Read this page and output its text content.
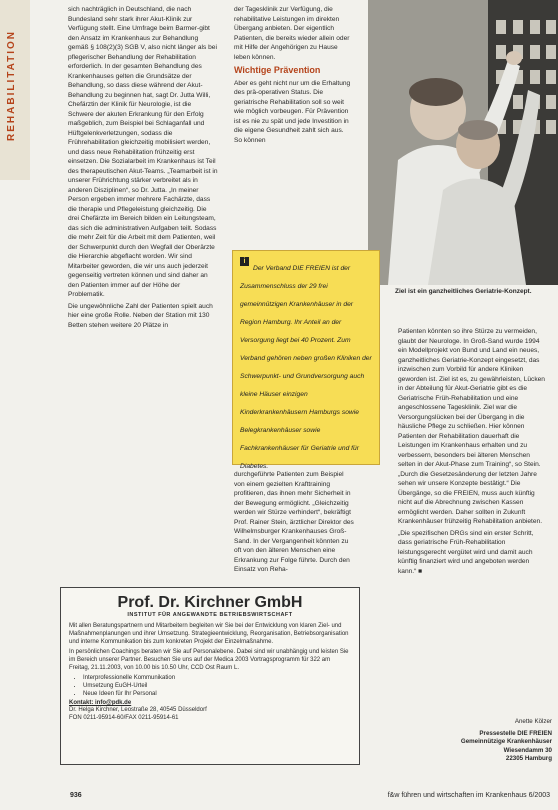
REHABILITATION

sich nachträglich in Deutschland, die nach Bundesland sehr stark ihrer Akut-Klinik zur Verfügung stellt. Eine Umfrage beim Barmer-gibt den Ansatz im Krankenhaus zur Behandlung gemäß § 108(2)(3) SGB V, also nicht länger als bei pflegerischer Behandlung der Rehabilitation erforderlich. In der gesamten Behandlung des Krankenhauses gelten die Grundsätze der Behandlung, so dass diese während der Akut-Behandlung zu beginnen hat, sagt Dr. Jutta Willi, Chefärztin der Klinik für Neurologie, ist die Schwere der akuten Erkrankung für den Erfolg maßgeblich, zum Beispiel bei Schlaganfall und Hüftgelenkverletzungen, sodass die Frührehabilitation gleichzeitig mobilisiert werden, und dass neue Rehabilitation frühzeitig erst einsetzen. Die Sozialarbeit im Krankenhaus ist Teil des therapeutischen Akut-Teams. „Teamarbeit ist in unserer Frührichtung stärker verbreitet als in anderen Disziplinen“, so Dr. Jutta. „In meiner Person ergeben immer mehrere Fachärzte, dass die therapie und Pflegeleistung gleichzeitig. Die drei Chefärzte im Bereich bilden ein Leitungsteam, das sich die administrativen Aufgaben teilt. Sodass die mehr Zeit für die Arbeit mit dem Patienten, weil der Schwerpunkt durch den Wegfall der Oberärzte die Hierarchie abgeflacht worden. Wir sind Mitarbeiter geworden, die wir uns auch jederzeit gegenseitig vertreten können und sind daher an den Patienten immer auf der Höhe der Problematik.

Die ungewöhnliche Zahl der Patienten spielt auch hier eine große Rolle. Neben der Station mit 130 Betten stehen weitere 20 Plätze in

der Tagesklinik zur Verfügung, die rehabilitative Leistungen im direkten Übergang anbieten. Der eigentlich Patienten, die bereits wieder allein oder mit Hilfe der Angehörigen zu Hause leben können.

Wichtige Prävention

Aber es geht nicht nur um die Erhaltung des prä-operativen Status. Die geriatrische Rehabilitation soll so weit wie möglich vorbeugen. Für Prävention ist es nie zu spät und jede Investition in die eigene Gesundheit zahlt sich aus. So können

Ziel ist ein ganzheitliches Geriatrie-Konzept.
iDer Verband DIE FREIEN ist der Zusammenschluss der 29 frei gemeinnützigen Krankenhäuser in der Region Hamburg. Ihr Anteil an der Versorgung liegt bei 40 Prozent. Zum Verband gehören neben großen Kliniken der Schwerpunkt- und Grundversorgung auch kleine Häuser einzigen Kinderkrankenhäusern Hamburgs sowie Belegkrankenhäuser sowie Fachkrankenhäuser für Geriatrie und für Diabetes.

durchgeführte Patienten zum Beispiel von einem gezielten Krafttraining profitieren, das ihnen mehr Sicherheit in der Bewegung ermöglicht. „Gleichzeitig werden wir Stürze verhindert“, bekräftigt Prof. Rainer Stein, ärztlicher Direktor des Wilhelmsburger Krankenhauses Groß-Sand. In der Vergangenheit könnten zu oft von den älteren Menschen eine Erkrankung zur Folge führte. Durch den Einsatz von Reha-

Patienten könnten so ihre Stürze zu vermeiden, glaubt der Neurologe. In Groß-Sand wurde 1994 ein Modellprojekt von Bund und Land ein neues, ganzheitliches Geriatrie-Konzept eingesetzt, das inzwischen zum Vorbild für andere Kliniken geworden ist. Ziel ist es, zu gewährleisten, Lücken in der Abteilung für Akut-Geriatrie gibt es die Geriatrische Früh-Rehabilitation und eine angeschlossene Tagesklinik. Ziel war die Versorgungslücken bei der Übergang in die häusliche Pflege zu schließen. Hier können Patienten der Rehabilitation dauerhaft die Leistungen im Krankenhaus erhalten und zu verbessern, besonders bei älteren Menschen selten in der Akut-Phase zum Training“, so Stein. „Durch die Gesetzesänderung der letzten Jahre sehen wir unsere Konzepte bestätigt.“ Die Übergänge, so die FREIEN, muss auch künftig nicht auf die Abrechnung zwischen Kassen ermöglicht werden. Daher sollten in Zukunft Krankenhäuser frühzeitig Rehabilitation anbieten.

„Die spezifischen DRGs sind ein erster Schritt, dass geriatrische Früh-Rehabilitation leistungsgerecht vergütet wird und damit auch künftig finanziert wird und angeboten werden kann.“ ■

Prof. Dr. Kirchner GmbH
INSTITUT FÜR ANGEWANDTE BETRIEBSWIRTSCHAFT

Mit allen Beratungspartnern und Mitarbeitern begleiten wir Sie bei der Entwicklung von klaren Ziel- und Maßnahmenplanungen und ihrer Umsetzung. Strategieentwicklung, Reorganisation, Betriebsorganisation und interne Kommunikation bis zum konkreten Projekt der Einzelmaßnahme.

In persönlichen Coachings beraten wir Sie auf Personalebene. Dabei sind wir unabhängig und leisten Sie im Bereich unserer Partner. Besuchen Sie uns auf der Medica 2003 Vortragsprogramm für 322 am Freitag, 21.11.2003, von 10.00 bis 10.50 Uhr, CCD Ost Raum L.

• Interprofessionelle Kommunikation
• Umsetzung EuGH-Urteil
• Neue Ideen für Ihr Personal
Kontakt: info@pdk.de
Dr. Helga Kirchner, Leostraße 28, 40545 Düsseldorf
FON 0211-95914-60/FAX 0211-95914-61	Anette Kölzer
Pressestelle DIE FREIEN
Gemeinnützige Krankenhäuser
Wiesendamm 30
22305 Hamburg
936	f&w führen und wirtschaften im Krankenhaus 6/2003
